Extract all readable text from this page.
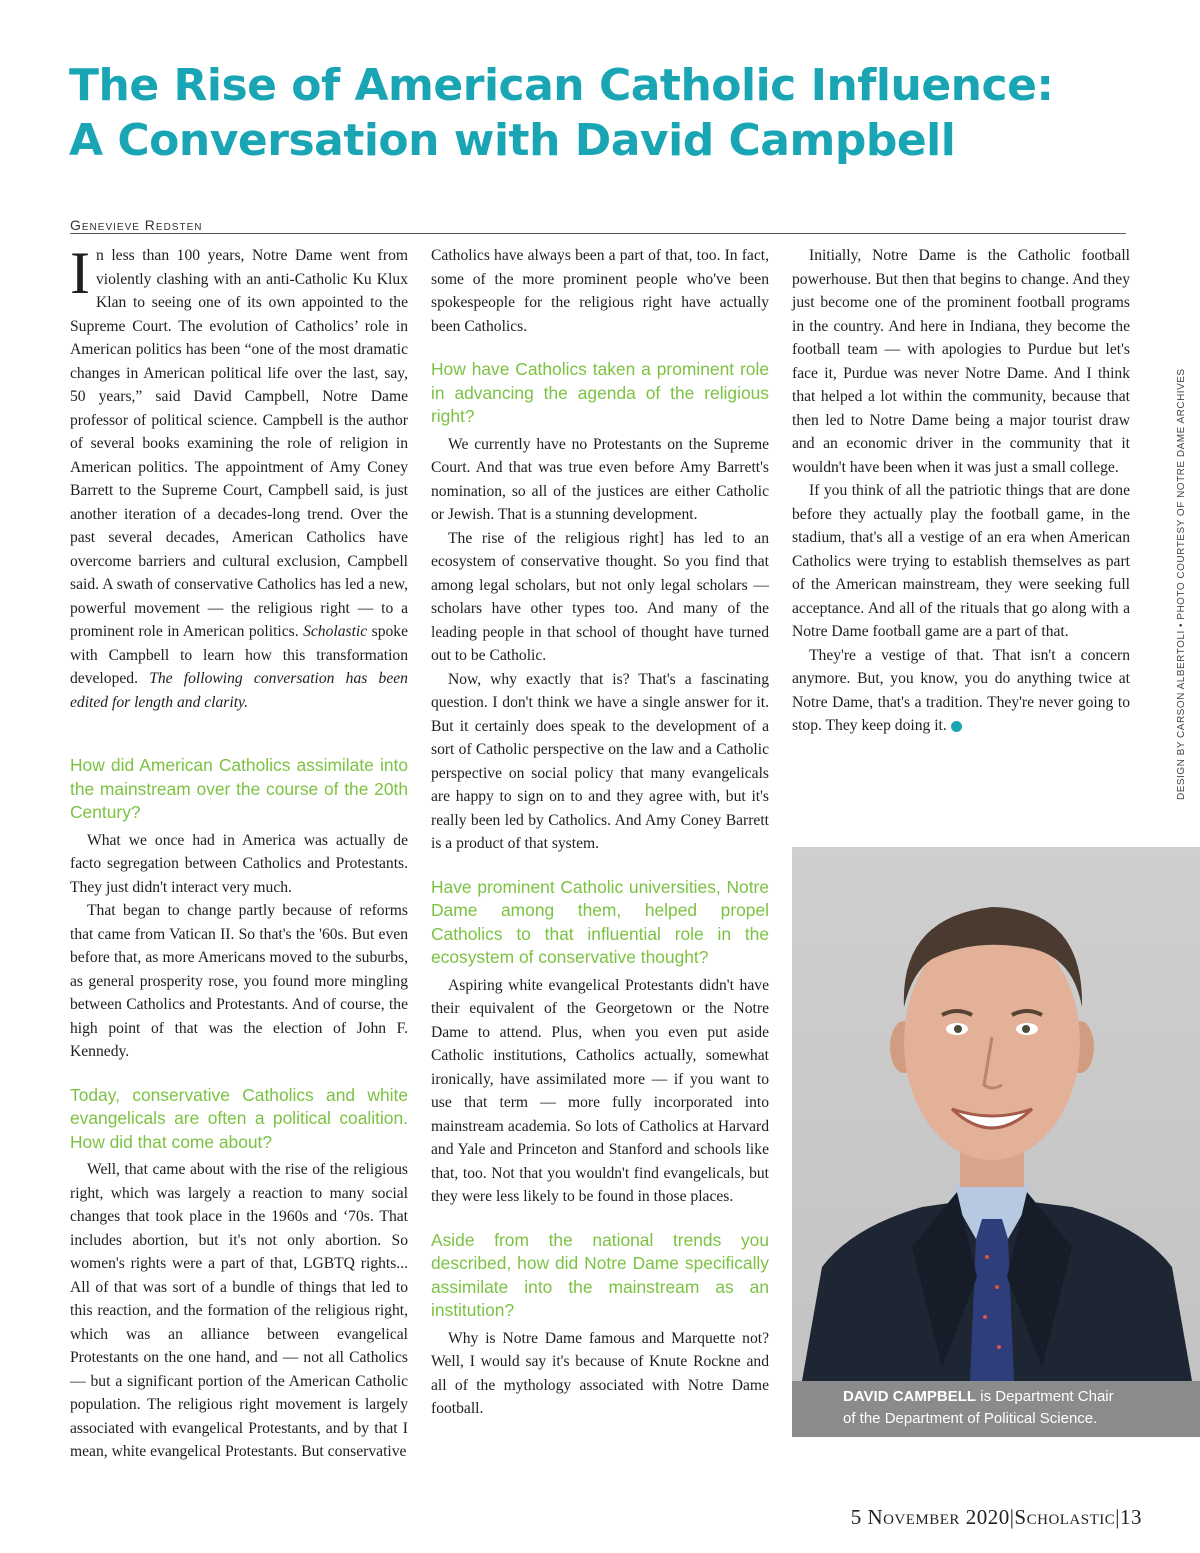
The Rise of American Catholic Influence:
A Conversation with David Campbell
Genevieve Redsten

In less than 100 years, Notre Dame went from violently clashing with an anti-Catholic Ku Klux Klan to seeing one of its own appointed to the Supreme Court. The evolution of Catholics’ role in American politics has been “one of the most dramatic changes in American political life over the last, say, 50 years,” said David Campbell, Notre Dame professor of political science. Campbell is the author of several books examining the role of religion in American politics. The appointment of Amy Coney Barrett to the Supreme Court, Campbell said, is just another iteration of a decades-long trend. Over the past several decades, American Catholics have overcome barriers and cultural exclusion, Campbell said. A swath of conservative Catholics has led a new, powerful movement — the religious right — to a prominent role in American politics. Scholastic spoke with Campbell to learn how this transformation developed. The following conversation has been edited for length and clarity.

How did American Catholics assimilate into the mainstream over the course of the 20th Century?

What we once had in America was actually de facto segregation between Catholics and Protestants. They just didn't interact very much.

That began to change partly because of reforms that came from Vatican II. So that's the '60s. But even before that, as more Americans moved to the suburbs, as general prosperity rose, you found more mingling between Catholics and Protestants. And of course, the high point of that was the election of John F. Kennedy.

Today, conservative Catholics and white evangelicals are often a political coalition. How did that come about?

Well, that came about with the rise of the religious right, which was largely a reaction to many social changes that took place in the 1960s and ‘70s. That includes abortion, but it's not only abortion. So women's rights were a part of that, LGBTQ rights... All of that was sort of a bundle of things that led to this reaction, and the formation of the religious right, which was an alliance between evangelical Protestants on the one hand, and — not all Catholics — but a significant portion of the American Catholic population. The religious right movement is largely associated with evangelical Protestants, and by that I mean, white evangelical Protestants. But conservative

Catholics have always been a part of that, too. In fact, some of the more prominent people who've been spokespeople for the religious right have actually been Catholics.

How have Catholics taken a prominent role in advancing the agenda of the religious right?

We currently have no Protestants on the Supreme Court. And that was true even before Amy Barrett's nomination, so all of the justices are either Catholic or Jewish. That is a stunning development.

The rise of the religious right] has led to an ecosystem of conservative thought. So you find that among legal scholars, but not only legal scholars — scholars have other types too. And many of the leading people in that school of thought have turned out to be Catholic.

Now, why exactly that is? That's a fascinating question. I don't think we have a single answer for it. But it certainly does speak to the development of a sort of Catholic perspective on the law and a Catholic perspective on social policy that many evangelicals are happy to sign on to and they agree with, but it's really been led by Catholics. And Amy Coney Barrett is a product of that system.

Have prominent Catholic universities, Notre Dame among them, helped propel Catholics to that influential role in the ecosystem of conservative thought?

Aspiring white evangelical Protestants didn't have their equivalent of the Georgetown or the Notre Dame to attend. Plus, when you even put aside Catholic institutions, Catholics actually, somewhat ironically, have assimilated more — if you want to use that term — more fully incorporated into mainstream academia. So lots of Catholics at Harvard and Yale and Princeton and Stanford and schools like that, too. Not that you wouldn't find evangelicals, but they were less likely to be found in those places.

Aside from the national trends you described, how did Notre Dame specifically assimilate into the mainstream as an institution?

Why is Notre Dame famous and Marquette not? Well, I would say it's because of Knute Rockne and all of the mythology associated with Notre Dame football.

Initially, Notre Dame is the Catholic football powerhouse. But then that begins to change. And they just become one of the prominent football programs in the country. And here in Indiana, they become the football team — with apologies to Purdue but let's face it, Purdue was never Notre Dame. And I think that helped a lot within the community, because that then led to Notre Dame being a major tourist draw and an economic driver in the community that it wouldn't have been when it was just a small college.

If you think of all the patriotic things that are done before they actually play the football game, in the stadium, that's all a vestige of an era when American Catholics were trying to establish themselves as part of the American mainstream, they were seeking full acceptance. And all of the rituals that go along with a Notre Dame football game are a part of that.

They're a vestige of that. That isn't a concern anymore. But, you know, you do anything twice at Notre Dame, that's a tradition. They're never going to stop. They keep doing it.	S	DESIGN BY CARSON ALBERTOLI • PHOTO COURTESY OF NOTRE DAME ARCHIVES
DAVID CAMPBELL is Department Chair
of the Department of Political Science.
5 November 2020|Scholastic|13
